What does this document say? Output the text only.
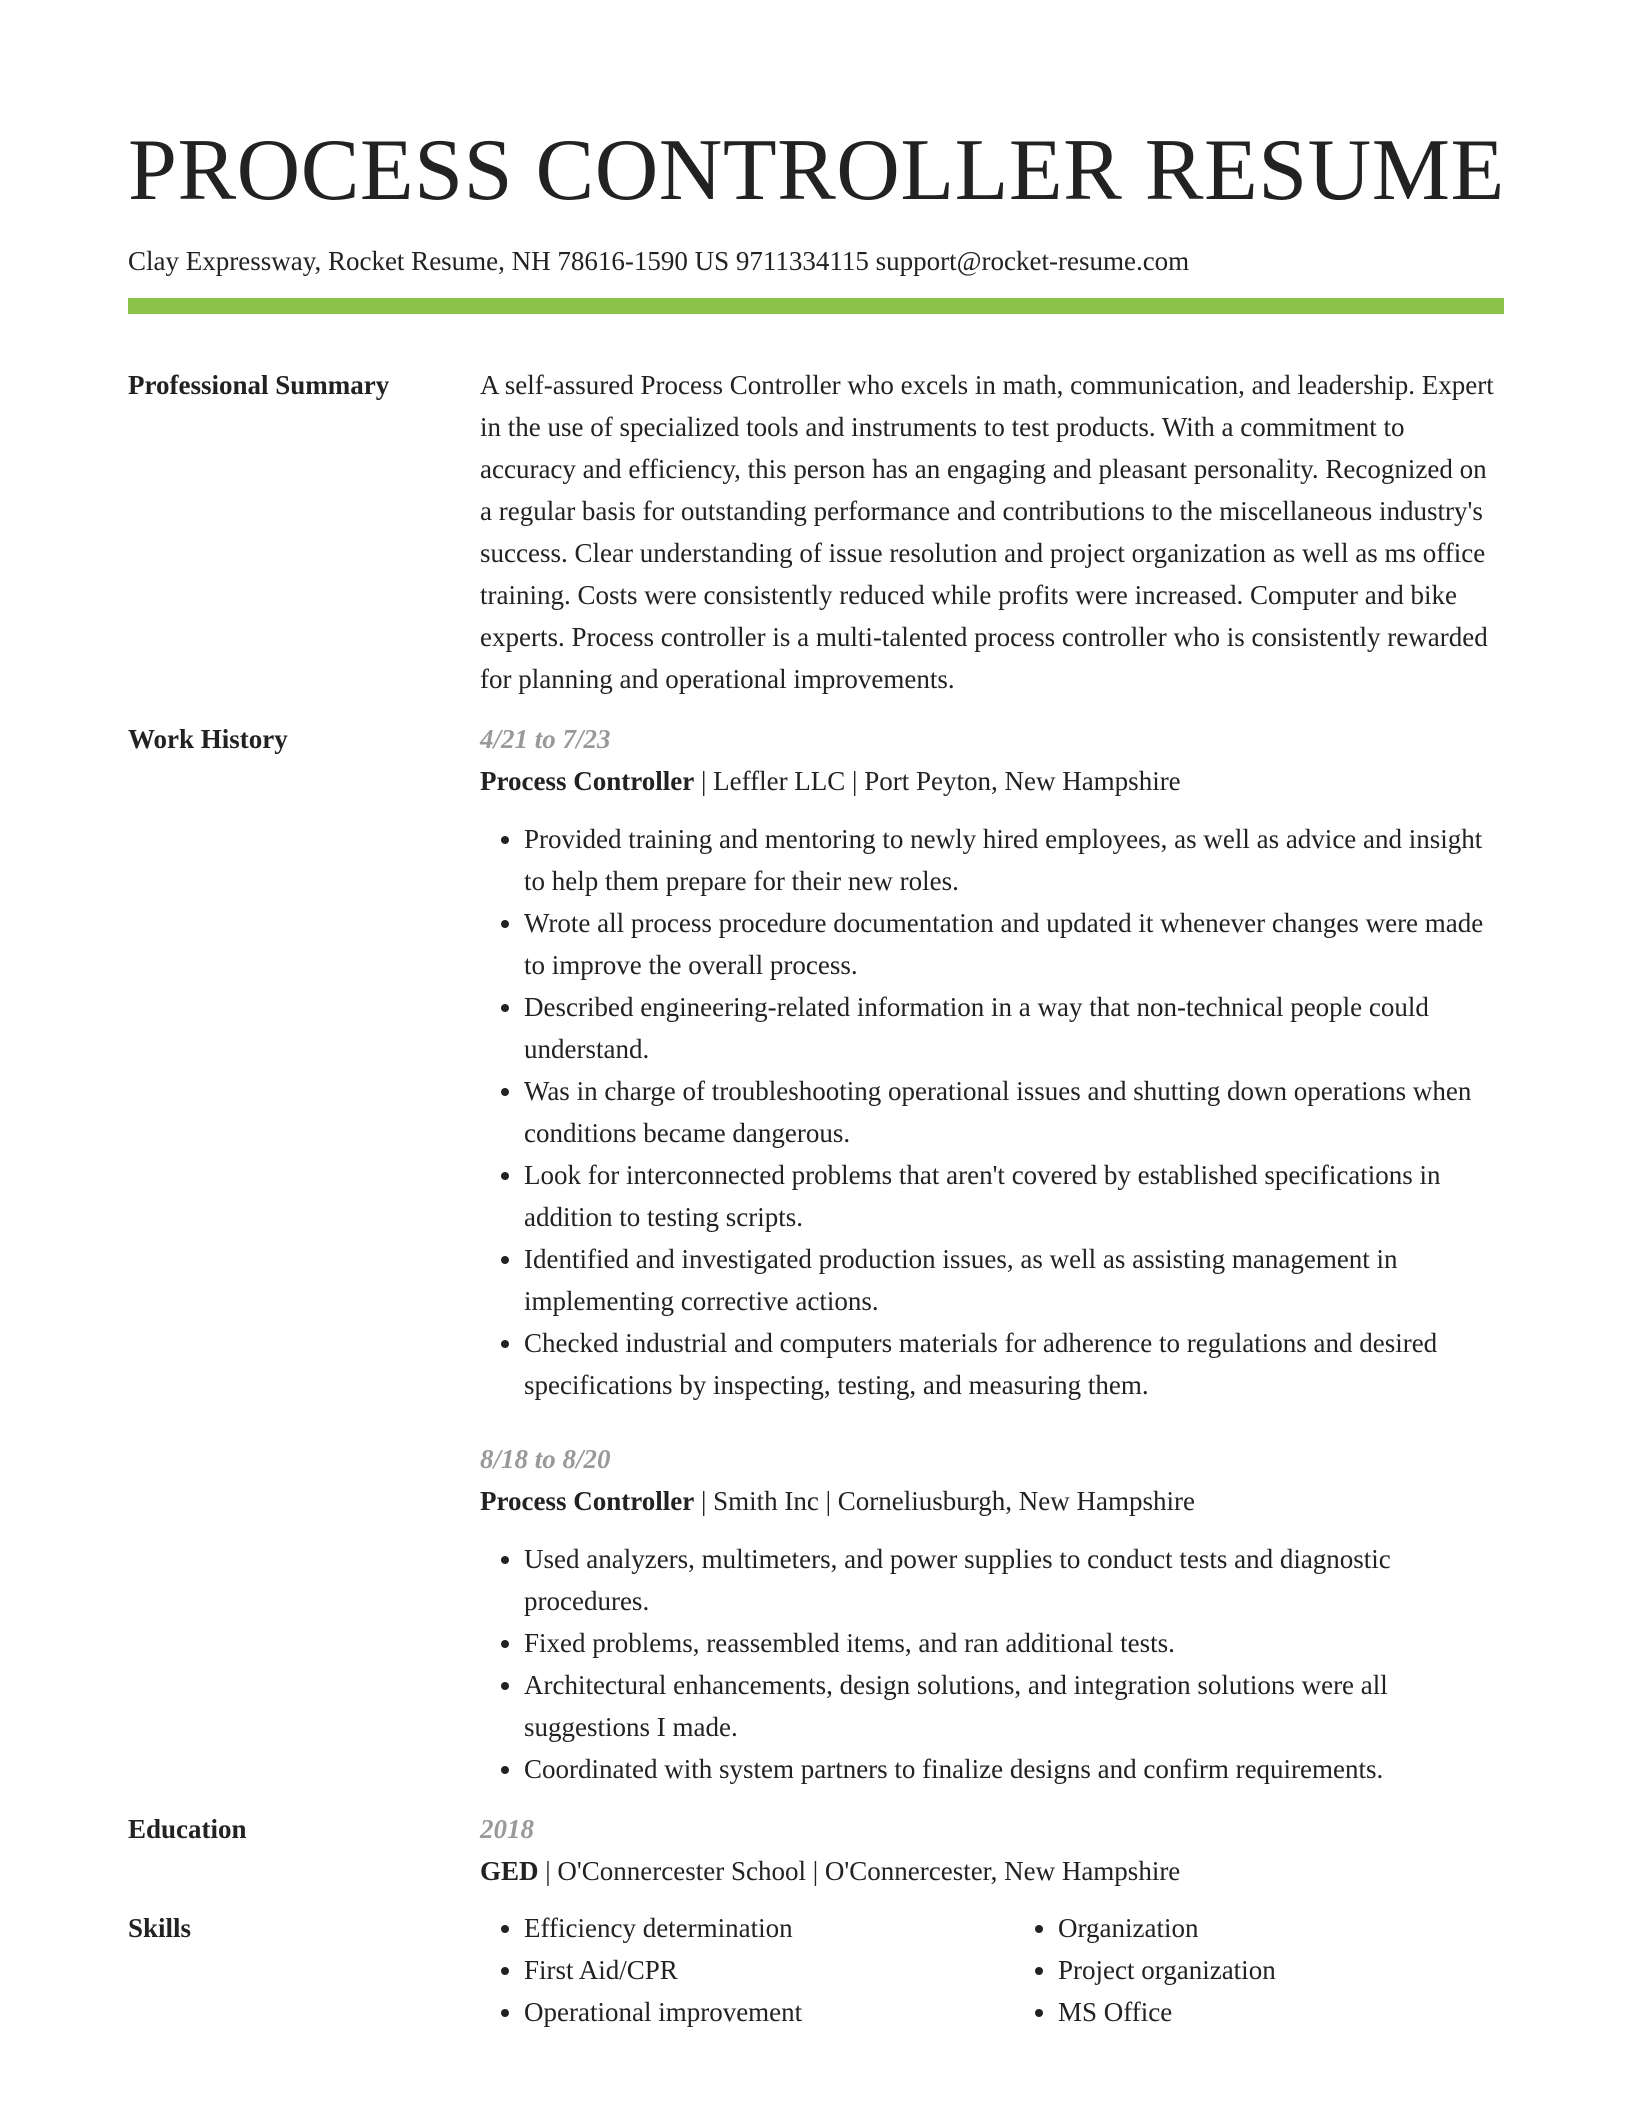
PROCESS CONTROLLER RESUME
Clay Expressway, Rocket Resume, NH 78616-1590 US 9711334115 support@rocket-resume.com
Professional Summary	A self-assured Process Controller who excels in math, communication, and leadership. Expert in the use of specialized tools and instruments to test products. With a commitment to accuracy and efficiency, this person has an engaging and pleasant personality. Recognized on a regular basis for outstanding performance and contributions to the miscellaneous industry's success. Clear understanding of issue resolution and project organization as well as ms office training. Costs were consistently reduced while profits were increased. Computer and bike experts. Process controller is a multi-talented process controller who is consistently rewarded for planning and operational improvements.
Work History	4/21 to 7/23
Process Controller | Leffler LLC | Port Peyton, New Hampshire
• Provided training and mentoring to newly hired employees, as well as advice and insight to help them prepare for their new roles.
• Wrote all process procedure documentation and updated it whenever changes were made to improve the overall process.
• Described engineering-related information in a way that non-technical people could understand.
• Was in charge of troubleshooting operational issues and shutting down operations when conditions became dangerous.
• Look for interconnected problems that aren't covered by established specifications in addition to testing scripts.
• Identified and investigated production issues, as well as assisting management in implementing corrective actions.
• Checked industrial and computers materials for adherence to regulations and desired specifications by inspecting, testing, and measuring them.
8/18 to 8/20
Process Controller | Smith Inc | Corneliusburgh, New Hampshire
• Used analyzers, multimeters, and power supplies to conduct tests and diagnostic procedures.
• Fixed problems, reassembled items, and ran additional tests.
• Architectural enhancements, design solutions, and integration solutions were all suggestions I made.
• Coordinated with system partners to finalize designs and confirm requirements.
Education	2018
GED | O'Connercester School | O'Connercester, New Hampshire
Skills
•	Efficiency determination
• First Aid/CPR
• Operational improvement
• Organization
• Project organization
• MS Office
